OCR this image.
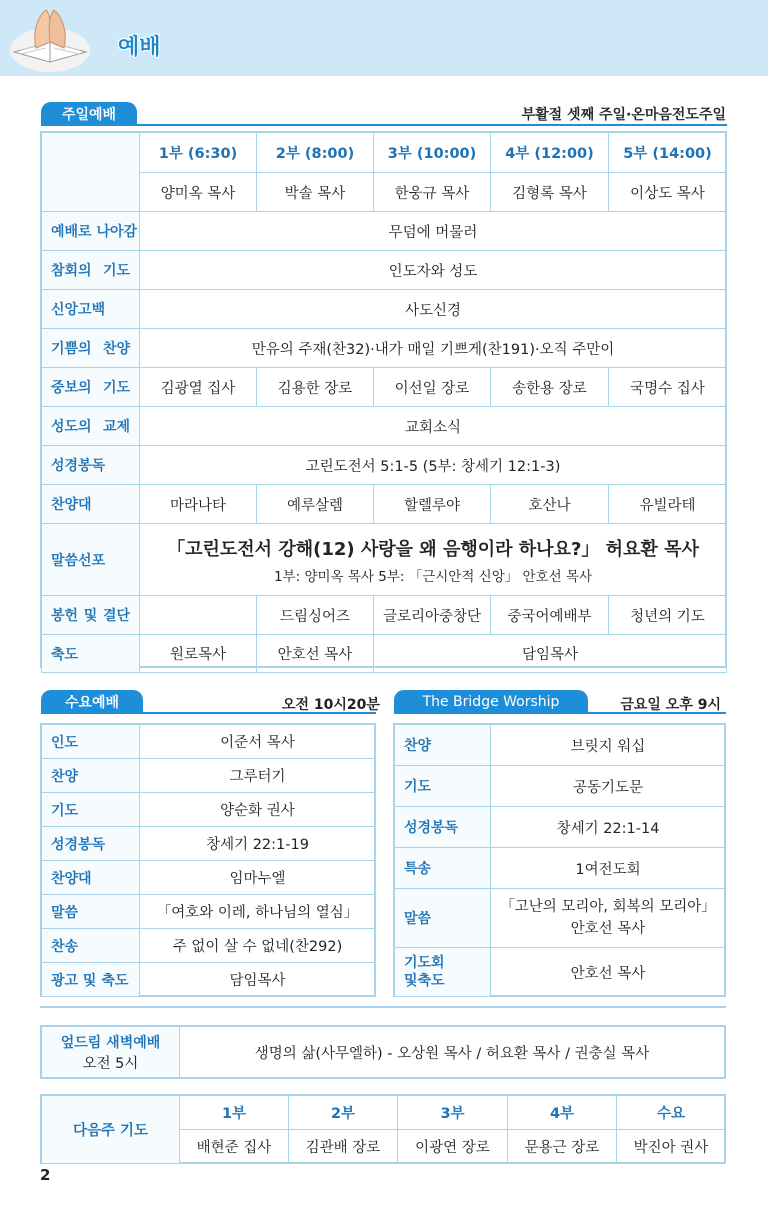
예배
주일예배	부활절 셋째 주일·온마음전도주일
	1부 (6:30)	2부 (8:00)	3부 (10:00)	4부 (12:00)	5부 (14:00)
	양미옥 목사	박솔 목사	한웅규 목사	김형록 목사	이상도 목사
예배로 나아감	무덤에 머물러				
참회의 기도	인도자와 성도				
신앙고백	사도신경				
기쁨의 찬양	만유의 주재(찬32)·내가 매일 기쁘게(찬191)·오직 주만이				
중보의 기도	김광열 집사	김용한 장로	이선일 장로	송한용 장로	국명수 집사
성도의 교제	교회소식				
성경봉독	고린도전서 5:1-5 (5부: 창세기 12:1-3)				
찬양대	마라나타	예루살렘	할렐루야	호산나	유빌라테
말씀선포	「고린도전서 강해(12) 사랑을 왜 음행이라 하나요?」 허요환 목사
1부: 양미옥 목사 5부: 「근시안적 신앙」 안호선 목사				

봉헌 및 결단		드림싱어즈	글로리아중창단	중국어예배부	청년의 기도
축도	원로목사	안호선 목사	담임목사		
수요예배	오전 10시20분
인도	이준서 목사
찬양	그루터기
기도	양순화 권사
성경봉독	창세기 22:1-19
찬양대	임마누엘
말씀	「여호와 이레, 하나님의 열심」
찬송	주 없이 살 수 없네(찬292)
광고 및 축도	담임목사
The Bridge Worship	금요일 오후 9시
찬양	브릿지 워십
기도	공동기도문
성경봉독	창세기 22:1-14
특송	1여전도회
말씀	「고난의 모리아, 회복의 모리아」
안호선 목사

기도회
및축도	안호선 목사
엎드림 새벽예배
오전 5시
생명의 삶(사무엘하) - 오상원 목사 / 허요환 목사 / 권충실 목사
다음주 기도	1부	2부	3부	4부	수요
	배현준 집사	김관배 장로	이광연 장로	문용근 장로	박진아 권사
2
